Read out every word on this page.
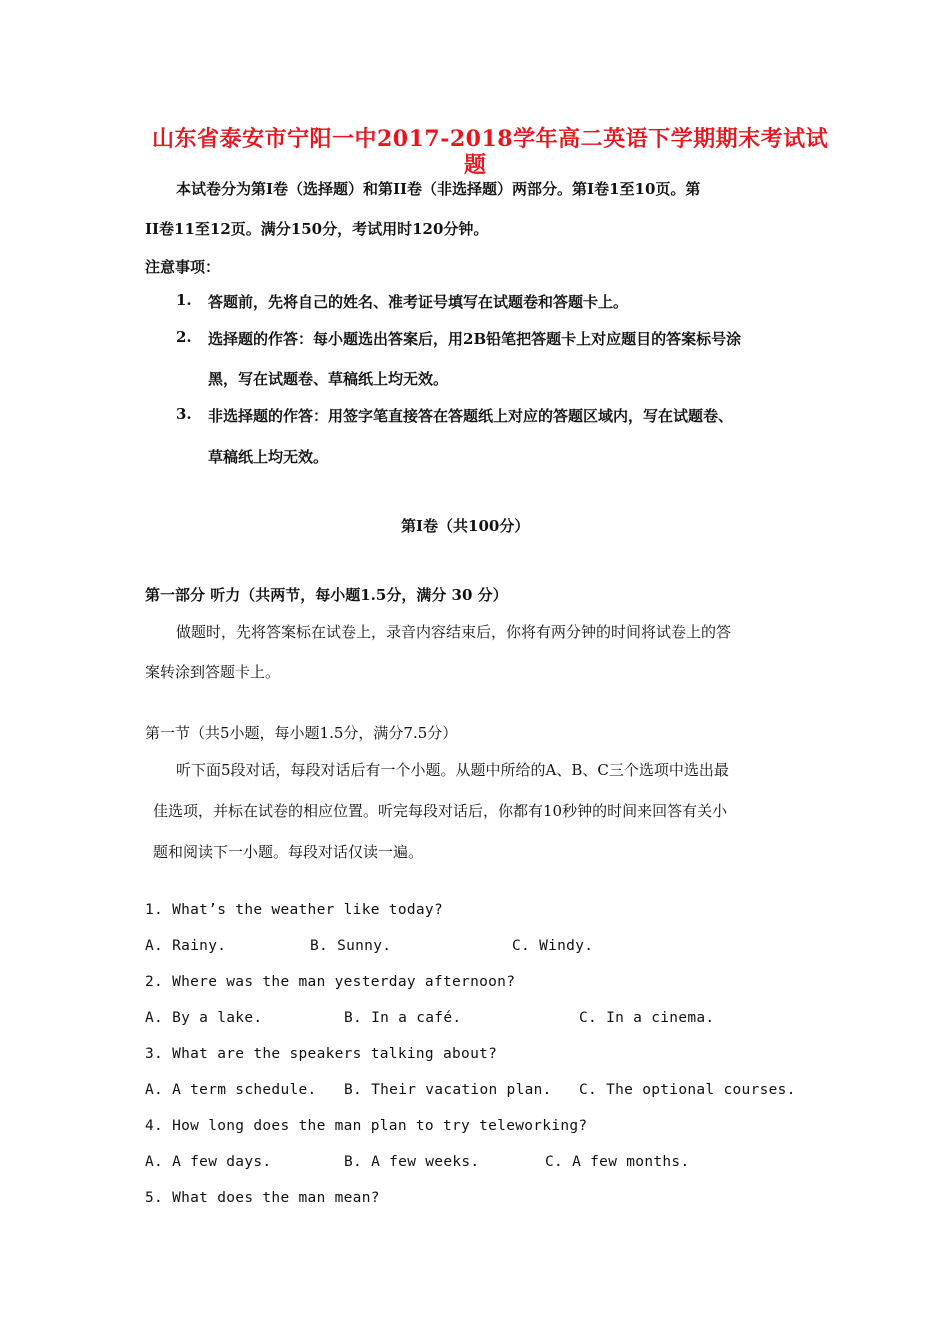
山东省泰安市宁阳一中2017-2018学年高二英语下学期期末考试试
题
本试卷分为第Ⅰ卷（选择题）和第II卷（非选择题）两部分。第Ⅰ卷1至10页。第
II卷11至12页。满分150分，考试用时120分钟。
注意事项：
1. 答题前，先将自己的姓名、准考证号填写在试题卷和答题卡上。
2. 选择题的作答：每小题选出答案后，用2B铅笔把答题卡上对应题目的答案标号涂
黑，写在试题卷、草稿纸上均无效。
3. 非选择题的作答：用签字笔直接答在答题纸上对应的答题区域内，写在试题卷、
草稿纸上均无效。
第Ⅰ卷（共100分）
第一部分 听力（共两节，每小题1.5分，满分 30 分）
做题时，先将答案标在试卷上，录音内容结束后，你将有两分钟的时间将试卷上的答
案转涂到答题卡上。
第一节（共5小题，每小题1.5分，满分7.5分）
听下面5段对话，每段对话后有一个小题。从题中所给的A、B、C三个选项中选出最
佳选项，并标在试卷的相应位置。听完每段对话后，你都有10秒钟的时间来回答有关小
题和阅读下一小题。每段对话仅读一遍。
1. What’s the weather like today?
A. Rainy.	B. Sunny.	C. Windy.
2. Where was the man yesterday afternoon?
A. By a lake.	B. In a café.	C. In a cinema.
3. What are the speakers talking about?
A. A term schedule. B. Their vacation plan. C. The optional courses.
4. How long does the man plan to try teleworking?
A. A few days.	B. A few weeks.	C. A few months.
5. What does the man mean?
